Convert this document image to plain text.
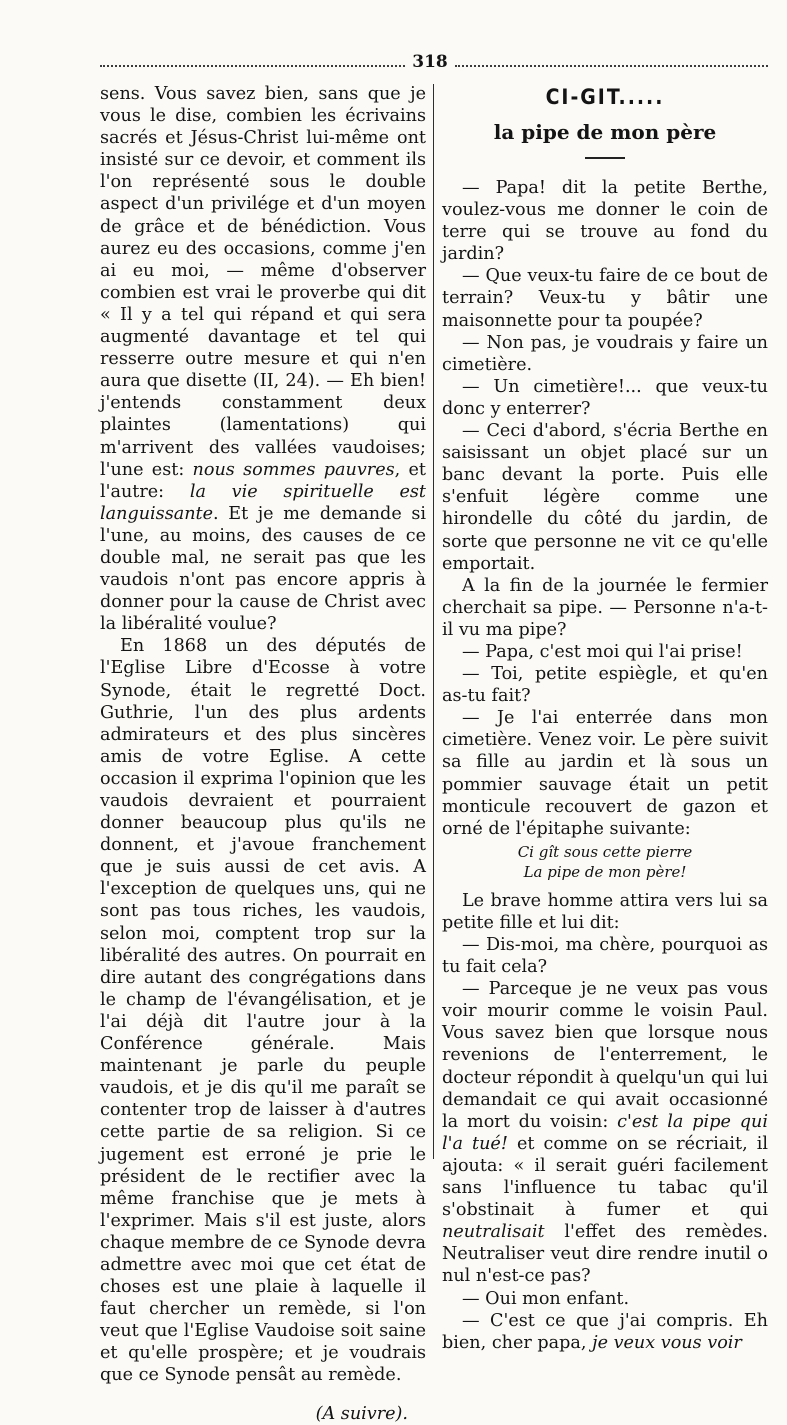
318

sens. Vous savez bien, sans que je vous le dise, combien les écrivains sacrés et Jésus-Christ lui-même ont insisté sur ce devoir, et comment ils l'on représenté sous le double aspect d'un privilége et d'un moyen de grâce et de bénédiction. Vous aurez eu des occasions, comme j'en ai eu moi, — même d'observer combien est vrai le proverbe qui dit « Il y a tel qui répand et qui sera augmenté davantage et tel qui resserre outre mesure et qui n'en aura que disette (II, 24). — Eh bien! j'entends constamment deux plaintes (lamentations) qui m'arrivent des vallées vaudoises; l'une est: nous sommes pauvres, et l'autre: la vie spirituelle est languissante. Et je me demande si l'une, au moins, des causes de ce double mal, ne serait pas que les vaudois n'ont pas encore appris à donner pour la cause de Christ avec la libéralité voulue?

En 1868 un des députés de l'Eglise Libre d'Ecosse à votre Synode, était le regretté Doct. Guthrie, l'un des plus ardents admirateurs et des plus sincères amis de votre Eglise. A cette occasion il exprima l'opinion que les vaudois devraient et pourraient donner beaucoup plus qu'ils ne donnent, et j'avoue franchement que je suis aussi de cet avis. A l'exception de quelques uns, qui ne sont pas tous riches, les vaudois, selon moi, comptent trop sur la libéralité des autres. On pourrait en dire autant des congrégations dans le champ de l'évangélisation, et je l'ai déjà dit l'autre jour à la Conférence générale. Mais maintenant je parle du peuple vaudois, et je dis qu'il me paraît se contenter trop de laisser à d'autres cette partie de sa religion. Si ce jugement est erroné je prie le président de le rectifier avec la même franchise que je mets à l'exprimer. Mais s'il est juste, alors chaque membre de ce Synode devra admettre avec moi que cet état de choses est une plaie à laquelle il faut chercher un remède, si l'on veut que l'Eglise Vaudoise soit saine et qu'elle prospère; et je voudrais que ce Synode pensât au remède.

(A suivre).
CI-GIT.....
la pipe de mon père

— Papa! dit la petite Berthe, voulez-vous me donner le coin de terre qui se trouve au fond du jardin?

— Que veux-tu faire de ce bout de terrain? Veux-tu y bâtir une maisonnette pour ta poupée?

— Non pas, je voudrais y faire un cimetière.

— Un cimetière!... que veux-tu donc y enterrer?

— Ceci d'abord, s'écria Berthe en saisissant un objet placé sur un banc devant la porte. Puis elle s'enfuit légère comme une hirondelle du côté du jardin, de sorte que personne ne vit ce qu'elle emportait.

A la fin de la journée le fermier cherchait sa pipe. — Personne n'a-t-il vu ma pipe?

— Papa, c'est moi qui l'ai prise!

— Toi, petite espiègle, et qu'en as-tu fait?

— Je l'ai enterrée dans mon cimetière. Venez voir. Le père suivit sa fille au jardin et là sous un pommier sauvage était un petit monticule recouvert de gazon et orné de l'épitaphe suivante:

Ci gît sous cette pierre
La pipe de mon père!

Le brave homme attira vers lui sa petite fille et lui dit:

— Dis-moi, ma chère, pourquoi as tu fait cela?

— Parceque je ne veux pas vous voir mourir comme le voisin Paul. Vous savez bien que lorsque nous revenions de l'enterrement, le docteur répondit à quelqu'un qui lui demandait ce qui avait occasionné la mort du voisin: c'est la pipe qui l'a tué! et comme on se récriait, il ajouta: « il serait guéri facilement sans l'influence tu tabac qu'il s'obstinait à fumer et qui neutralisait l'effet des remèdes. Neutraliser veut dire rendre inutil o nul n'est-ce pas?

— Oui mon enfant.

— C'est ce que j'ai compris. Eh bien, cher papa, je veux vous voir
